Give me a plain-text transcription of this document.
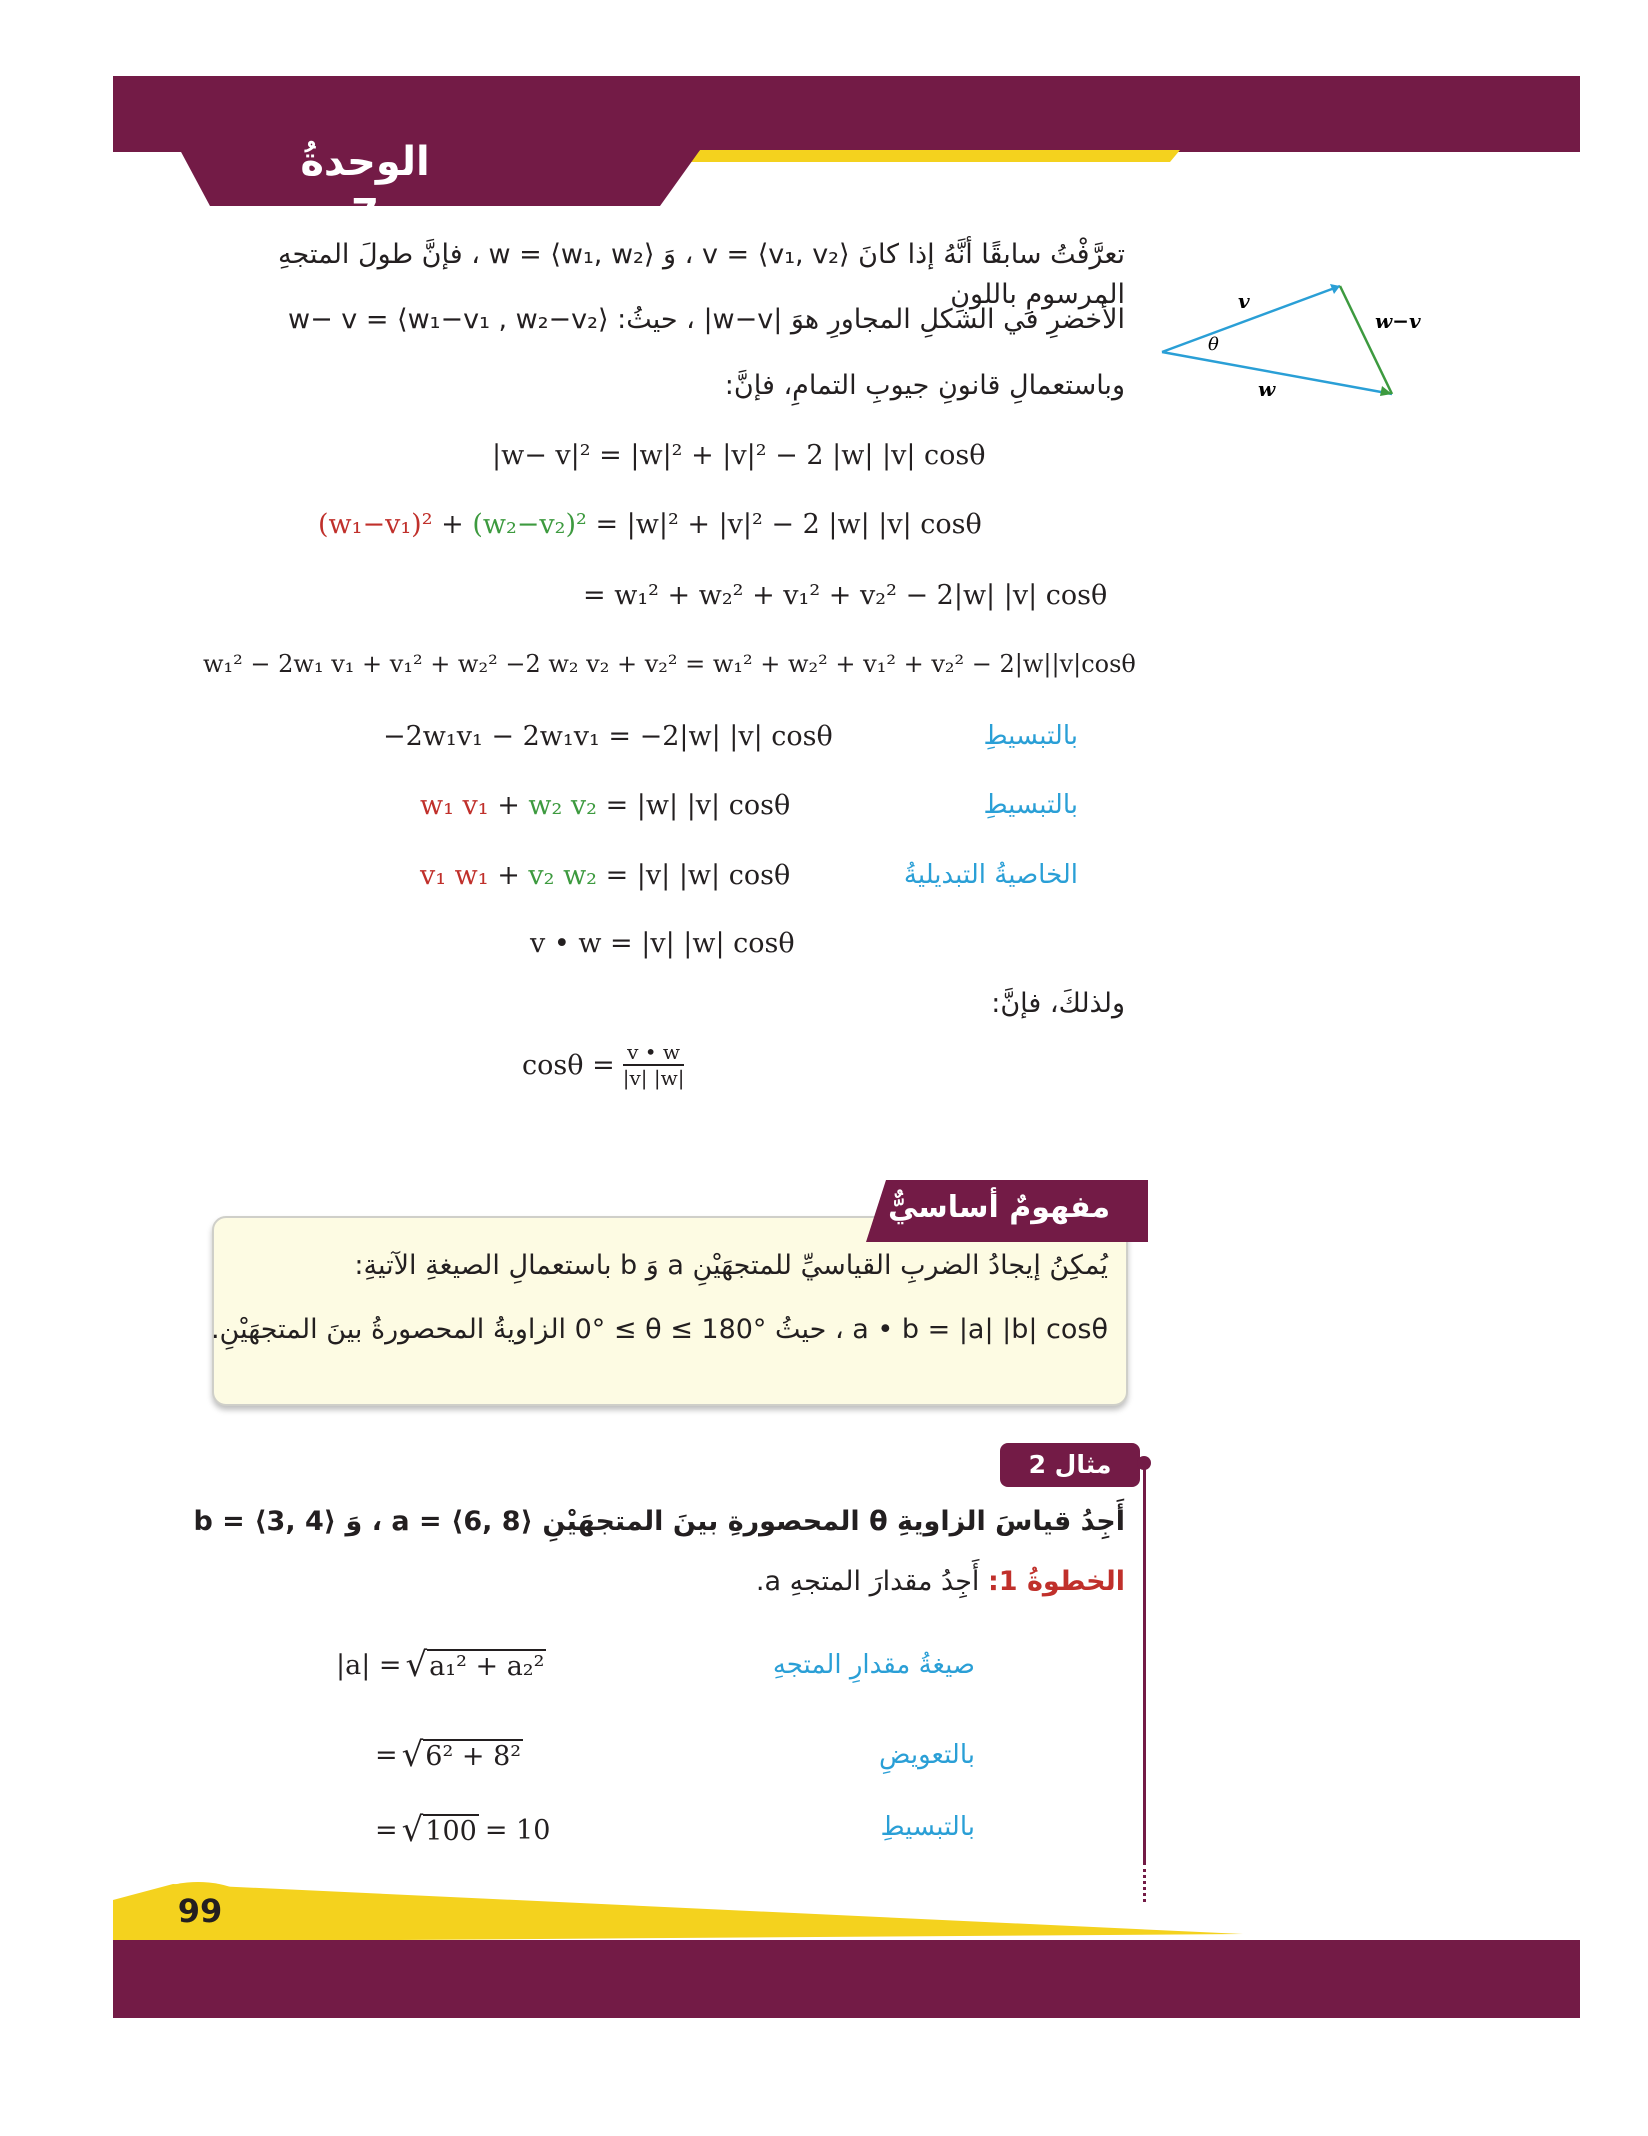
الوحدةُ 7
تعرَّفْتُ سابقًا أنَّهُ إذا كانَ ‎v = ⟨v₁, v₂⟩‎ ، وَ ‎w = ⟨w₁, w₂⟩‎ ، فإنَّ طولَ المتجهِ المرسومِ باللونِ
الأخضرِ في الشكلِ المجاورِ هوَ ‎|w−v|‎ ، حيثُ: ‎w− v = ⟨w₁−v₁ , w₂−v₂⟩‎
وباستعمالِ قانونِ جيوبِ التمامِ، فإنَّ:
v
w
w−v
θ
|w− v|² = |w|² + |v|² − 2 |w| |v| cosθ
(w₁−v₁)² + (w₂−v₂)² = |w|² + |v|² − 2 |w| |v| cosθ
= w₁² + w₂² + v₁² + v₂² − 2|w| |v| cosθ
w₁² − 2w₁ v₁ + v₁² + w₂² −2 w₂ v₂ + v₂² = w₁² + w₂² + v₁² + v₂² − 2|w||v|cosθ
−2w₁v₁ − 2w₁v₁ = −2|w| |v| cosθ	بالتبسيطِ
w₁ v₁ + w₂ v₂ = |w| |v| cosθ	بالتبسيطِ
v₁ w₁ + v₂ w₂ = |v| |w| cosθ	الخاصيةُ التبديليةُ
v • w = |v| |w| cosθ
ولذلكَ، فإنَّ:
$\cos\theta = \frac{v • w}{|v| |w|}$
مفهومٌ أساسيٌّ
يُمكِنُ إيجادُ الضربِ القياسيِّ للمتجهَيْنِ ‎a‎ وَ ‎b‎ باستعمالِ الصيغةِ الآتيةِ:
‎a • b = |a| |b| cosθ‎ ، حيثُ ‎0° ≤ θ ≤ 180°‎ الزاويةُ المحصورةُ بينَ المتجهَيْنِ.
مثال 2
أَجِدُ قياسَ الزاويةِ ‎θ‎ المحصورةِ بينَ المتجهَيْنِ ‎a = ⟨6, 8⟩‎ ، وَ ‎b = ⟨3, 4⟩‎
الخطوةُ 1: أَجِدُ مقدارَ المتجهِ ‎a‎.
|a| = √ a₁² + a₂²	صيغةُ مقدارِ المتجهِ
= √ 6² + 8²	بالتعويضِ
= √ 100 = 10	بالتبسيطِ
99
